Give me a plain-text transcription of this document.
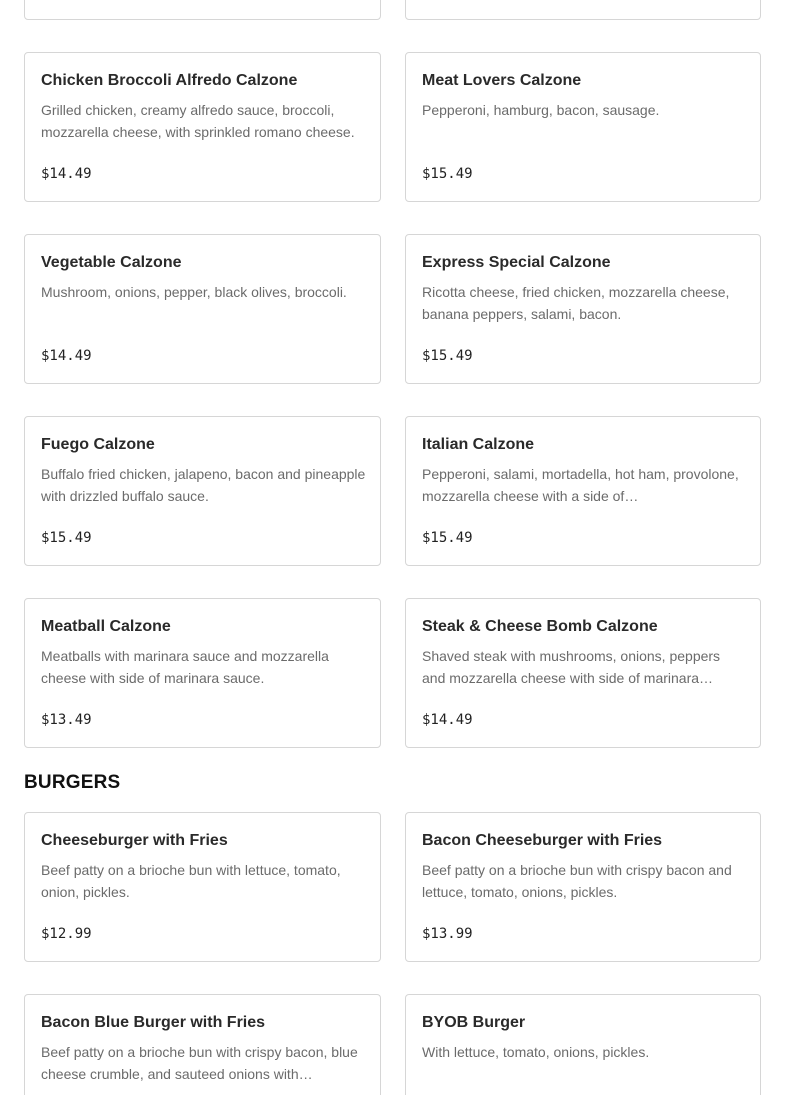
Chicken Broccoli Alfredo Calzone
Grilled chicken, creamy alfredo sauce, broccoli, mozzarella cheese, with sprinkled romano cheese.
$14.49
Meat Lovers Calzone
Pepperoni, hamburg, bacon, sausage.
$15.49
Vegetable Calzone
Mushroom, onions, pepper, black olives, broccoli.
$14.49
Express Special Calzone
Ricotta cheese, fried chicken, mozzarella cheese, banana peppers, salami, bacon.
$15.49
Fuego Calzone
Buffalo fried chicken, jalapeno, bacon and pineapple with drizzled buffalo sauce.
$15.49
Italian Calzone
Pepperoni, salami, mortadella, hot ham, provolone, mozzarella cheese with a side of…
$15.49
Meatball Calzone
Meatballs with marinara sauce and mozzarella cheese with side of marinara sauce.
$13.49
Steak & Cheese Bomb Calzone
Shaved steak with mushrooms, onions, peppers and mozzarella cheese with side of marinara…
$14.49
BURGERS
Cheeseburger with Fries
Beef patty on a brioche bun with lettuce, tomato, onion, pickles.
$12.99
Bacon Cheeseburger with Fries
Beef patty on a brioche bun with crispy bacon and lettuce, tomato, onions, pickles.
$13.99
Bacon Blue Burger with Fries
Beef patty on a brioche bun with crispy bacon, blue cheese crumble, and sauteed onions with…
BYOB Burger
With lettuce, tomato, onions, pickles.
